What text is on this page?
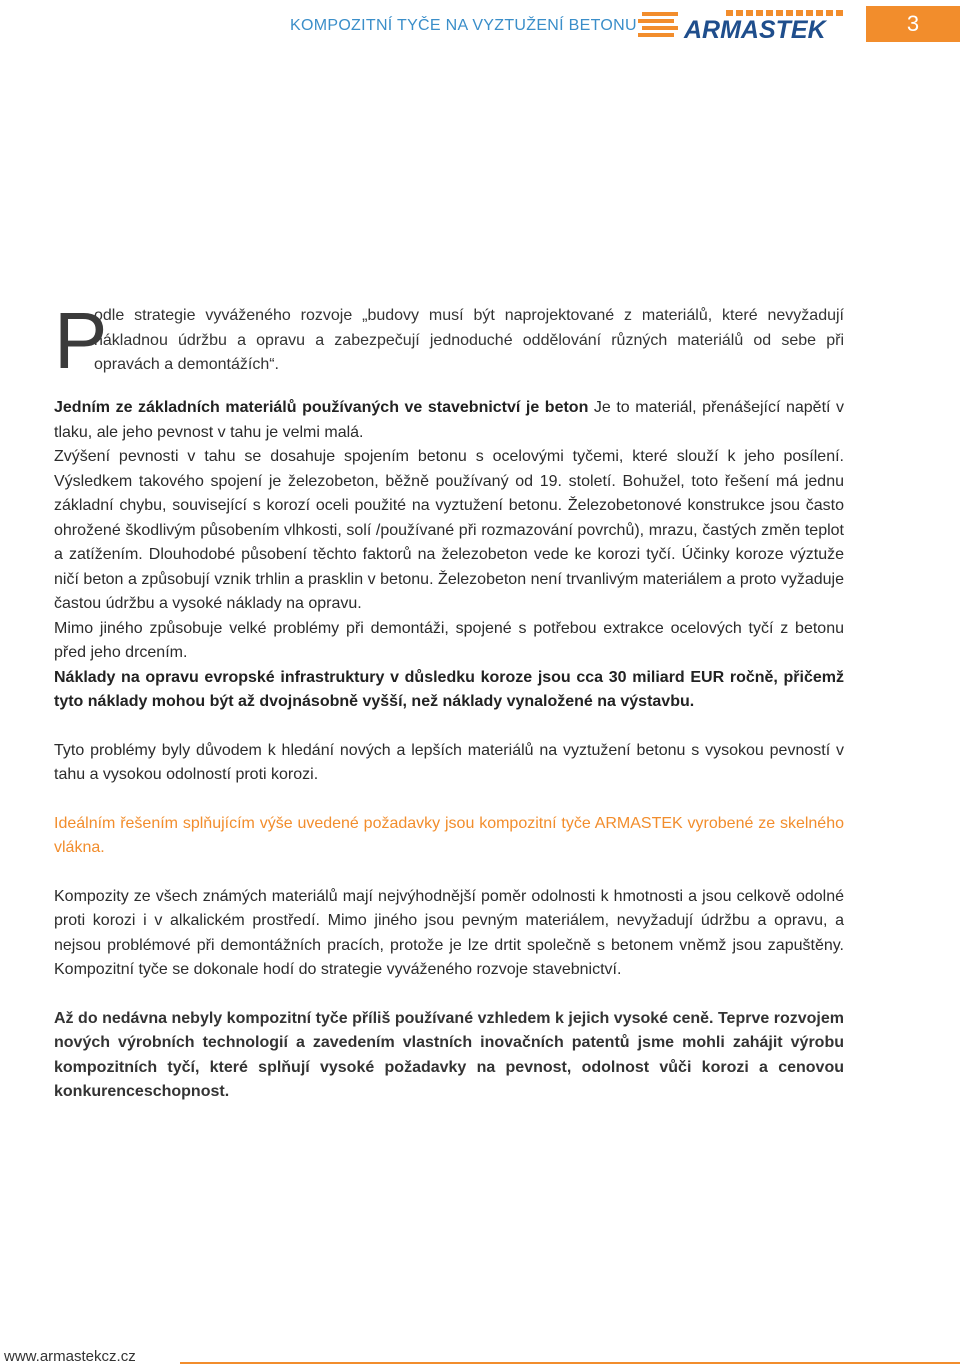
KOMPOZITNÍ TYČE NA VYZTUŽENÍ BETONU ARMASTEK	3
P

odle strategie vyváženého rozvoje „budovy musí být naprojektované z materiálů, které nevyžadují nákladnou údržbu a opravu a zabezpečují jednoduché oddělování různých materiálů od sebe při opravách a demontážích“.

Jedním ze základních materiálů používaných ve stavebnictví je beton Je to materiál, přenášející napětí v tlaku, ale jeho pevnost v tahu je velmi malá.

Zvýšení pevnosti v tahu se dosahuje spojením betonu s ocelovými tyčemi, které slouží k jeho posílení. Výsledkem takového spojení je železobeton, běžně používaný od 19. století. Bohužel, toto řešení má jednu základní chybu, související s korozí oceli použité na vyztužení betonu. Železobetonové konstrukce jsou často ohrožené škodlivým působením vlhkosti, solí /používané při rozmazování povrchů), mrazu, častých změn teplot a zatížením. Dlouhodobé působení těchto faktorů na železobeton vede ke korozi tyčí. Účinky koroze výztuže ničí beton a způsobují vznik trhlin a prasklin v betonu. Železobeton není trvanlivým materiálem a proto vyžaduje častou údržbu a vysoké náklady na opravu.

Mimo jiného způsobuje velké problémy při demontáži, spojené s potřebou extrakce ocelových tyčí z betonu před jeho drcením.

Náklady na opravu evropské infrastruktury v důsledku koroze jsou cca 30 miliard EUR ročně, přičemž tyto náklady mohou být až dvojnásobně vyšší, než náklady vynaložené na výstavbu.

Tyto problémy byly důvodem k hledání nových a lepších materiálů na vyztužení betonu s vysokou pevností v tahu a vysokou odolností proti korozi.

Ideálním řešením splňujícím výše uvedené požadavky jsou kompozitní tyče ARMASTEK vyrobené ze skelného vlákna.

Kompozity ze všech známých materiálů mají nejvýhodnější poměr odolnosti k hmotnosti a jsou celkově odolné proti korozi i v alkalickém prostředí. Mimo jiného jsou pevným materiálem, nevyžadují údržbu a opravu, a nejsou problémové při demontážních pracích, protože je lze drtit společně s betonem vněmž jsou zapuštěny. Kompozitní tyče se dokonale hodí do strategie vyváženého rozvoje stavebnictví.

Až do nedávna nebyly kompozitní tyče příliš používané vzhledem k jejich vysoké ceně. Teprve rozvojem nových výrobních technologií a zavedením vlastních inovačních patentů jsme mohli zahájit výrobu kompozitních tyčí, které splňují vysoké požadavky na pevnost, odolnost vůči korozi a cenovou konkurenceschopnost.

www.armastekcz.cz
